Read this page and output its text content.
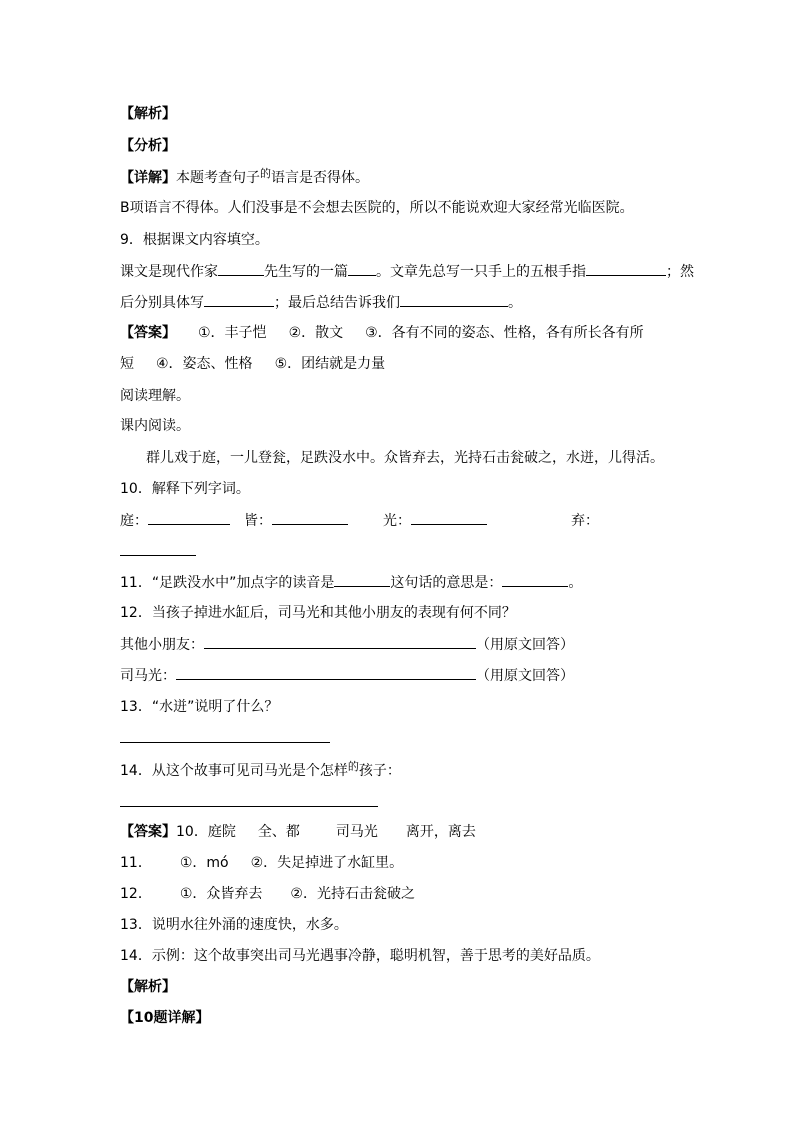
【解析】
【分析】
【详解】本题考查句子$^的$语言是否得体。
B项语言不得体。人们没事是不会想去医院的，所以不能说欢迎大家经常光临医院。
9．根据课文内容填空。
课文是现代作家	先生写的一篇 。文章先总写一只手上的五根手指	；然
后分别具体写	；最后总结告诉我们	。
【答案】 ①．丰子恺 ②．散文 ③．各有不同的姿态、性格，各有所长各有所
短 ④．姿态、性格 ⑤．团结就是力量
阅读理解。
课内阅读。
群儿戏于庭，一儿登瓮，足跌没水中。众皆弃去，光持石击瓮破之，水迸，儿得活。
10．解释下列字词。
庭：	皆：	光：	弃：
11．“足跌没水中”加点字的读音是	这句话的意思是：	。
12．当孩子掉进水缸后，司马光和其他小朋友的表现有何不同？
其他小朋友：	（用原文回答）
司马光：	（用原文回答）
13．“水迸”说明了什么？
14．从这个故事可见司马光是个怎样$^的$孩子：
【答案】10．庭院 全、都	司马光 离开，离去
11． ①．mó ②．失足掉进了水缸里。
12． ①．众皆弃去 ②．光持石击瓮破之
13．说明水往外涌的速度快，水多。
14．示例：这个故事突出司马光遇事冷静，聪明机智，善于思考的美好品质。
【解析】
【10题详解】
